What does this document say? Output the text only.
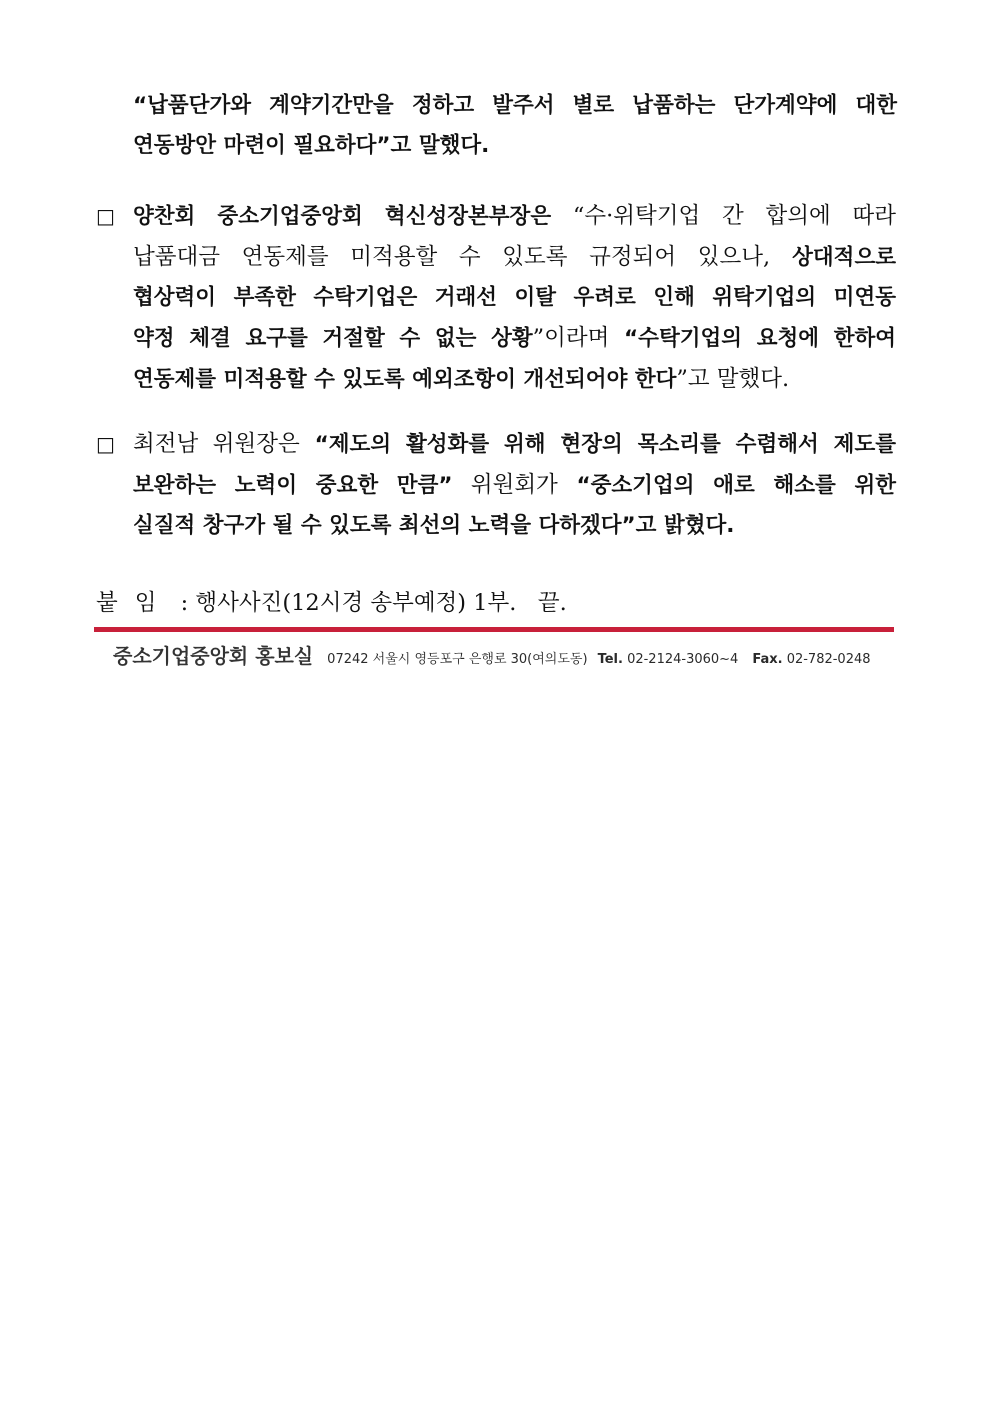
“납품단가와 계약기간만을 정하고 발주서 별로 납품하는 단가계약에 대한
연동방안 마련이 필요하다”고 말했다.
□ 양찬회 중소기업중앙회 혁신성장본부장은 “수·위탁기업 간 합의에 따라
납품대금 연동제를 미적용할 수 있도록 규정되어 있으나, 상대적으로
협상력이 부족한 수탁기업은 거래선 이탈 우려로 인해 위탁기업의 미연동
약정 체결 요구를 거절할 수 없는 상황”이라며 “수탁기업의 요청에 한하여
연동제를 미적용할 수 있도록 예외조항이 개선되어야 한다”고 말했다.
□ 최전남 위원장은 “제도의 활성화를 위해 현장의 목소리를 수렴해서 제도를
보완하는 노력이 중요한 만큼” 위원회가 “중소기업의 애로 해소를 위한
실질적 창구가 될 수 있도록 최선의 노력을 다하겠다”고 밝혔다.
붙임 : 행사사진(12시경 송부예정) 1부. 끝.
중소기업중앙회 홍보실 07242 서울시 영등포구 은행로 30(여의도동) Tel. 02-2124-3060~4 Fax. 02-782-0248
